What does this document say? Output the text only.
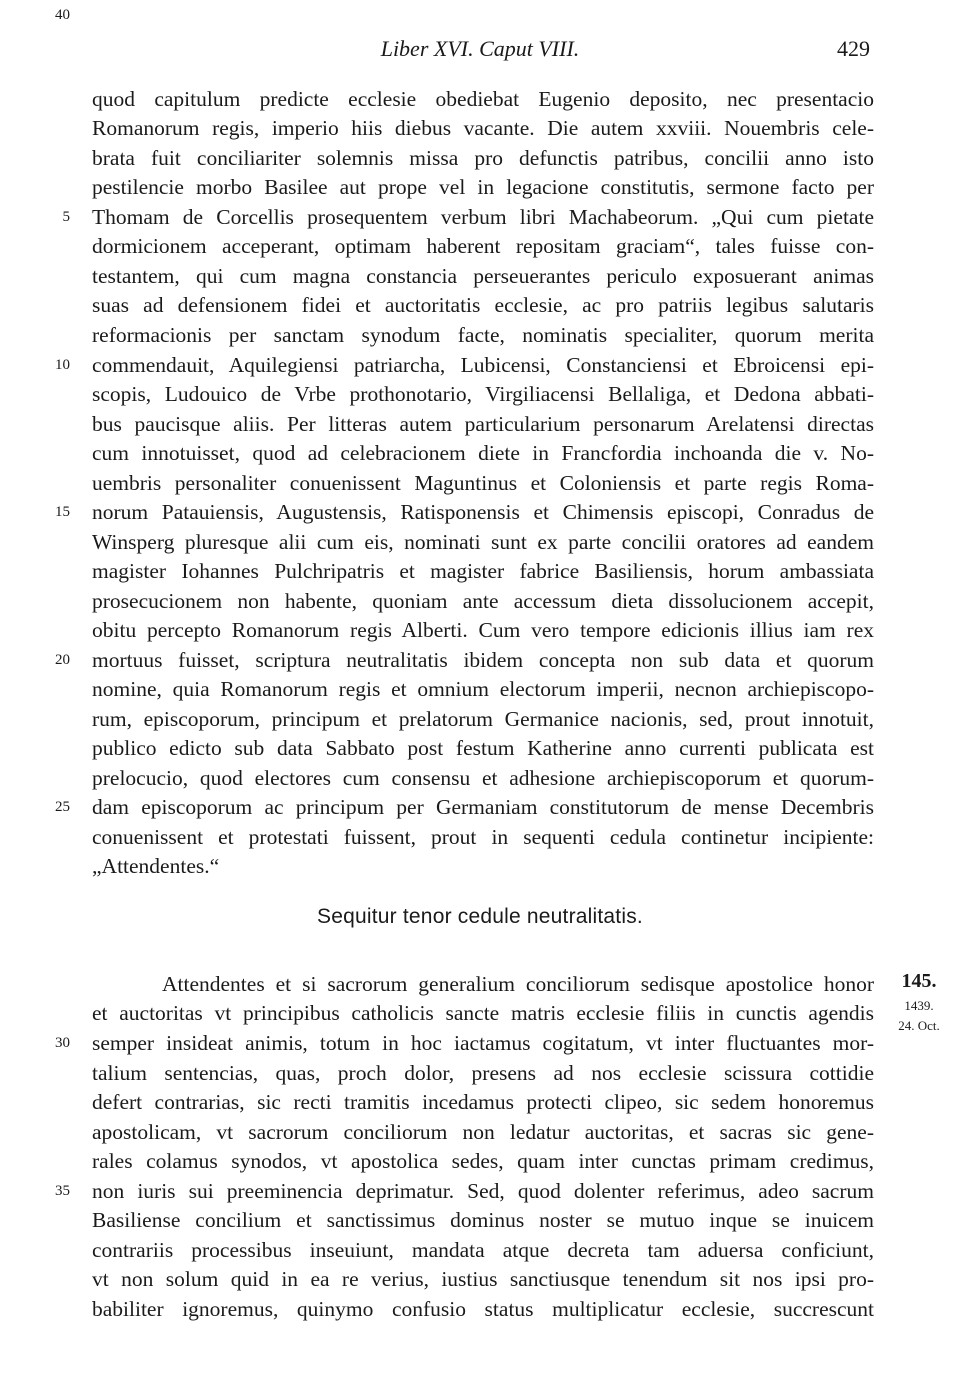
Liber XVI. Caput VIII.	429
quod capitulum predicte ecclesie obediebat Eugenio deposito, nec presentacio
Romanorum regis, imperio hiis diebus vacante. Die autem xxviii. Nouembris cele-
brata fuit conciliariter solemnis missa pro defunctis patribus, concilii anno isto
pestilencie morbo Basilee aut prope vel in legacione constitutis, sermone facto per
Thomam de Corcellis prosequentem verbum libri Machabeorum. „Qui cum pietate
dormicionem acceperant, optimam haberent repositam graciam“, tales fuisse con-
testantem, qui cum magna constancia perseuerantes periculo exposuerant animas
suas ad defensionem fidei et auctoritatis ecclesie, ac pro patriis legibus salutaris
reformacionis per sanctam synodum facte, nominatis specialiter, quorum merita
commendauit, Aquilegiensi patriarcha, Lubicensi, Constanciensi et Ebroicensi epi-
scopis, Ludouico de Vrbe prothonotario, Virgiliacensi Bellaliga, et Dedona abbati-
bus paucisque aliis. Per litteras autem particularium personarum Arelatensi directas
cum innotuisset, quod ad celebracionem diete in Francfordia inchoanda die v. No-
uembris personaliter conuenissent Maguntinus et Coloniensis et parte regis Roma-
norum Patauiensis, Augustensis, Ratisponensis et Chimensis episcopi, Conradus de
Winsperg pluresque alii cum eis, nominati sunt ex parte concilii oratores ad eandem
magister Iohannes Pulchripatris et magister fabrice Basiliensis, horum ambassiata
prosecucionem non habente, quoniam ante accessum dieta dissolucionem accepit,
obitu percepto Romanorum regis Alberti. Cum vero tempore edicionis illius iam rex
mortuus fuisset, scriptura neutralitatis ibidem concepta non sub data et quorum
nomine, quia Romanorum regis et omnium electorum imperii, necnon archiepiscopo-
rum, episcoporum, principum et prelatorum Germanice nacionis, sed, prout innotuit,
publico edicto sub data Sabbato post festum Katherine anno currenti publicata est
prelocucio, quod electores cum consensu et adhesione archiepiscoporum et quorum-
dam episcoporum ac principum per Germaniam constitutorum de mense Decembris
conuenissent et protestati fuissent, prout in sequenti cedula continetur incipiente:
„Attendentes.“
Attendentes et si sacrorum generalium conciliorum sedisque apostolice honor
et auctoritas vt principibus catholicis sancte matris ecclesie filiis in cunctis agendis
semper insideat animis, totum in hoc iactamus cogitatum, vt inter fluctuantes mor-
talium sentencias, quas, proch dolor, presens ad nos ecclesie scissura cottidie
defert contrarias, sic recti tramitis incedamus protecti clipeo, sic sedem honoremus
apostolicam, vt sacrorum conciliorum non ledatur auctoritas, et sacras sic gene-
rales colamus synodos, vt apostolica sedes, quam inter cunctas primam credimus,
non iuris sui preeminencia deprimatur. Sed, quod dolenter referimus, adeo sacrum
Basiliense concilium et sanctissimus dominus noster se mutuo inque se inuicem
contrariis processibus inseuiunt, mandata atque decreta tam aduersa conficiunt,
vt non solum quid in ea re verius, iustius sanctiusque tenendum sit nos ipsi pro-
babiliter ignoremus, quinymo confusio status multiplicatur ecclesie, succrescunt
5
10
15
20
25
30
35
40
Sequitur tenor cedule neutralitatis.
145.
1439.
24. Oct.
